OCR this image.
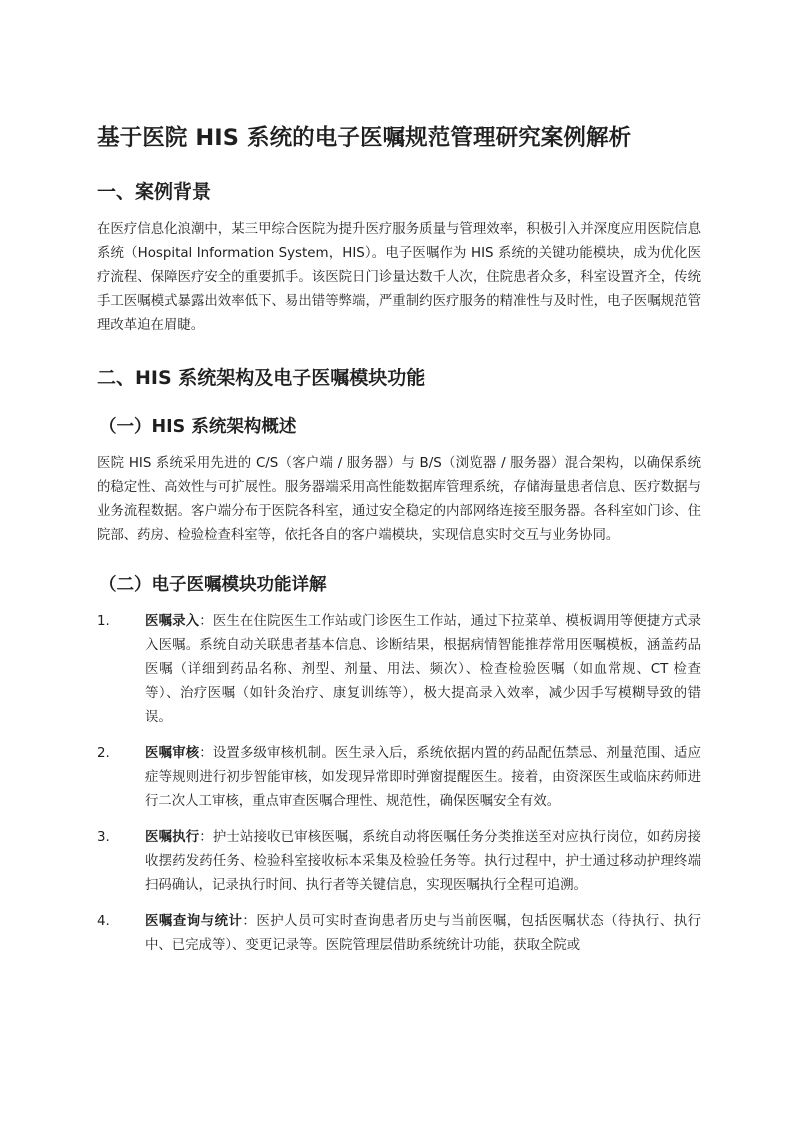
基于医院 HIS 系统的电子医嘱规范管理研究案例解析
一、案例背景

在医疗信息化浪潮中，某三甲综合医院为提升医疗服务质量与管理效率，积极引入并深度应用医院信息系统（Hospital Information System，HIS）。电子医嘱作为 HIS 系统的关键功能模块，成为优化医疗流程、保障医疗安全的重要抓手。该医院日门诊量达数千人次，住院患者众多，科室设置齐全，传统手工医嘱模式暴露出效率低下、易出错等弊端，严重制约医疗服务的精准性与及时性，电子医嘱规范管理改革迫在眉睫。

二、HIS 系统架构及电子医嘱模块功能
（一）HIS 系统架构概述

医院 HIS 系统采用先进的 C/S（客户端 / 服务器）与 B/S（浏览器 / 服务器）混合架构，以确保系统的稳定性、高效性与可扩展性。服务器端采用高性能数据库管理系统，存储海量患者信息、医疗数据与业务流程数据。客户端分布于医院各科室，通过安全稳定的内部网络连接至服务器。各科室如门诊、住院部、药房、检验检查科室等，依托各自的客户端模块，实现信息实时交互与业务协同。

（二）电子医嘱模块功能详解
1.	医嘱录入：医生在住院医生工作站或门诊医生工作站，通过下拉菜单、模板调用等便捷方式录入医嘱。系统自动关联患者基本信息、诊断结果，根据病情智能推荐常用医嘱模板，涵盖药品医嘱（详细到药品名称、剂型、剂量、用法、频次）、检查检验医嘱（如血常规、CT 检查等）、治疗医嘱（如针灸治疗、康复训练等），极大提高录入效率，减少因手写模糊导致的错误。
2.	医嘱审核：设置多级审核机制。医生录入后，系统依据内置的药品配伍禁忌、剂量范围、适应症等规则进行初步智能审核，如发现异常即时弹窗提醒医生。接着，由资深医生或临床药师进行二次人工审核，重点审查医嘱合理性、规范性，确保医嘱安全有效。
3.	医嘱执行：护士站接收已审核医嘱，系统自动将医嘱任务分类推送至对应执行岗位，如药房接收摆药发药任务、检验科室接收标本采集及检验任务等。执行过程中，护士通过移动护理终端扫码确认，记录执行时间、执行者等关键信息，实现医嘱执行全程可追溯。
4.	医嘱查询与统计：医护人员可实时查询患者历史与当前医嘱，包括医嘱状态（待执行、执行中、已完成等）、变更记录等。医院管理层借助系统统计功能，获取全院或
